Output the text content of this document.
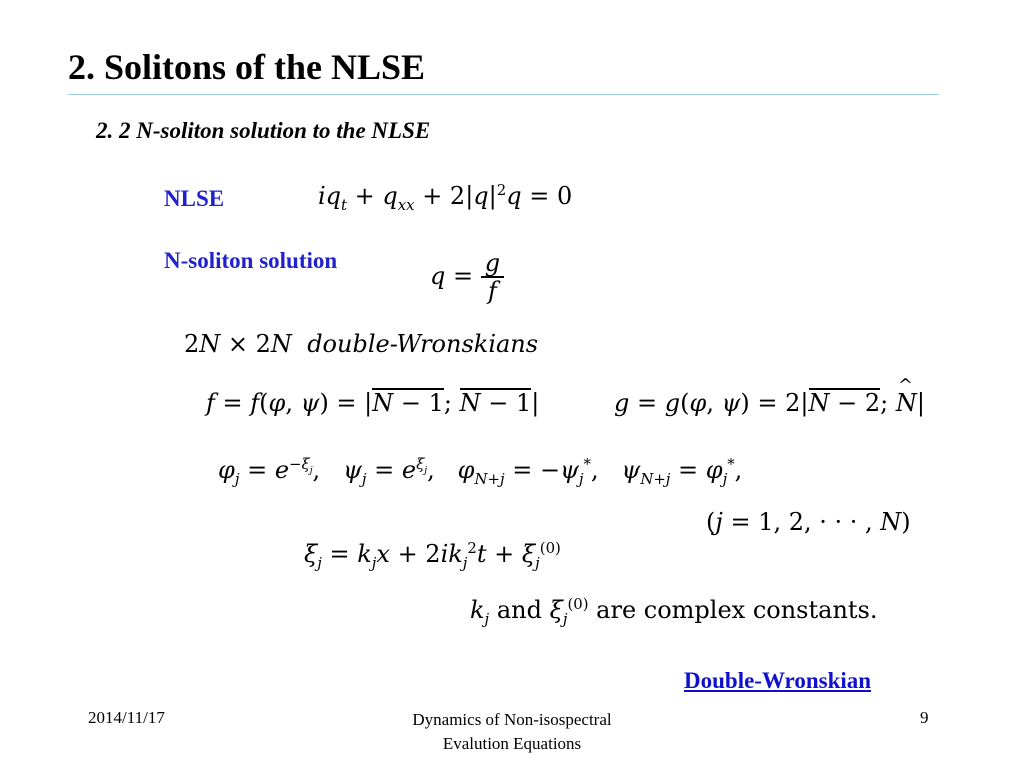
2. Solitons of the NLSE
2. 2 N-soliton solution to the NLSE
NLSE	$iq_t + q_{xx} + 2|q|^2q = 0$
N-soliton solution
$q = \frac{g}{f}$
2N × 2N double-Wronskians
f = f(φ, ψ) = |N − 1; N − 1|	g = g(φ, ψ) = 2|N − 2; ^ N|
$\varphi_j = e^{-\xi_j}$,   $\psi_j = e^{\xi_j}$,   $\varphi_{N+j} = -\psi_j^*$,   $\psi_{N+j} = \varphi_j^*$,
(j = 1, 2, · · · , N)
$\xi_j = k_jx + 2ik_j^2t + \xi_j^{(0)}$
$k_j$ and $\xi_j^{(0)}$ are complex constants.
Double-Wronskian
2014/11/17	Dynamics of Non-isospectral
Evalution Equations
9
